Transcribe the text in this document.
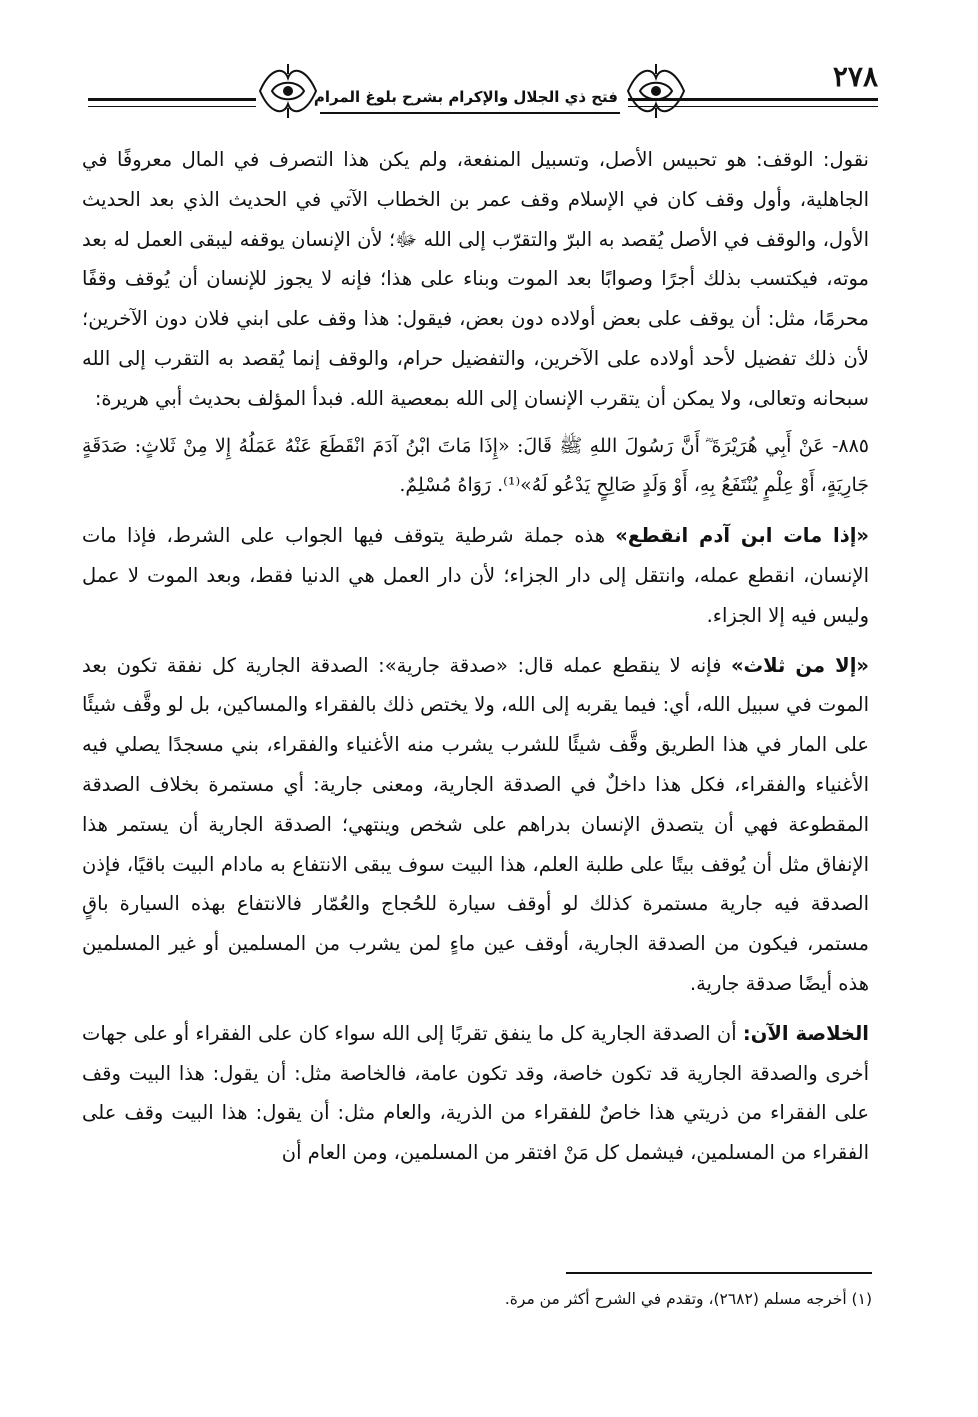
٢٧٨
فتح ذي الجلال والإكرام بشرح بلوغ المرام

نقول: الوقف: هو تحبيس الأصل، وتسبيل المنفعة، ولم يكن هذا التصرف في المال معروفًا في الجاهلية، وأول وقف كان في الإسلام وقف عمر بن الخطاب الآتي في الحديث الذي بعد الحديث الأول، والوقف في الأصل يُقصد به البرّ والتقرّب إلى الله ﷻ؛ لأن الإنسان يوقفه ليبقى العمل له بعد موته، فيكتسب بذلك أجرًا وصوابًا بعد الموت وبناء على هذا؛ فإنه لا يجوز للإنسان أن يُوقف وقفًا محرمًا، مثل: أن يوقف على بعض أولاده دون بعض، فيقول: هذا وقف على ابني فلان دون الآخرين؛ لأن ذلك تفضيل لأحد أولاده على الآخرين، والتفضيل حرام، والوقف إنما يُقصد به التقرب إلى الله سبحانه وتعالى، ولا يمكن أن يتقرب الإنسان إلى الله بمعصية الله. فبدأ المؤلف بحديث أبي هريرة:

٨٨٥- عَنْ أَبِي هُرَيْرَةَ ؓ أَنَّ رَسُولَ اللهِ ﷺ قَالَ: «إِذَا مَاتَ ابْنُ آدَمَ انْقَطَعَ عَنْهُ عَمَلُهُ إِلا مِنْ ثَلاثٍ: صَدَقَةٍ جَارِيَةٍ، أَوْ عِلْمٍ يُنْتَفَعُ بِهِ، أَوْ وَلَدٍ صَالِحٍ يَدْعُو لَهُ»⁽¹⁾. رَوَاهُ مُسْلِمٌ.

«إذا مات ابن آدم انقطع» هذه جملة شرطية يتوقف فيها الجواب على الشرط، فإذا مات الإنسان، انقطع عمله، وانتقل إلى دار الجزاء؛ لأن دار العمل هي الدنيا فقط، وبعد الموت لا عمل وليس فيه إلا الجزاء.

«إلا من ثلاث» فإنه لا ينقطع عمله قال: «صدقة جارية»: الصدقة الجارية كل نفقة تكون بعد الموت في سبيل الله، أي: فيما يقربه إلى الله، ولا يختص ذلك بالفقراء والمساكين، بل لو وقَّف شيئًا على المار في هذا الطريق وقَّف شيئًا للشرب يشرب منه الأغنياء والفقراء، بني مسجدًا يصلي فيه الأغنياء والفقراء، فكل هذا داخلٌ في الصدقة الجارية، ومعنى جارية: أي مستمرة بخلاف الصدقة المقطوعة فهي أن يتصدق الإنسان بدراهم على شخص وينتهي؛ الصدقة الجارية أن يستمر هذا الإنفاق مثل أن يُوقف بيتًا على طلبة العلم، هذا البيت سوف يبقى الانتفاع به مادام البيت باقيًا، فإذن الصدقة فيه جارية مستمرة كذلك لو أوقف سيارة للحُجاج والعُمّار فالانتفاع بهذه السيارة باقٍ مستمر، فيكون من الصدقة الجارية، أوقف عين ماءٍ لمن يشرب من المسلمين أو غير المسلمين هذه أيضًا صدقة جارية.

الخلاصة الآن: أن الصدقة الجارية كل ما ينفق تقربًا إلى الله سواء كان على الفقراء أو على جهات أخرى والصدقة الجارية قد تكون خاصة، وقد تكون عامة، فالخاصة مثل: أن يقول: هذا البيت وقف على الفقراء من ذريتي هذا خاصٌ للفقراء من الذرية، والعام مثل: أن يقول: هذا البيت وقف على الفقراء من المسلمين، فيشمل كل مَنْ افتقر من المسلمين، ومن العام أن

(١) أخرجه مسلم (٢٦٨٢)، وتقدم في الشرح أكثر من مرة.
